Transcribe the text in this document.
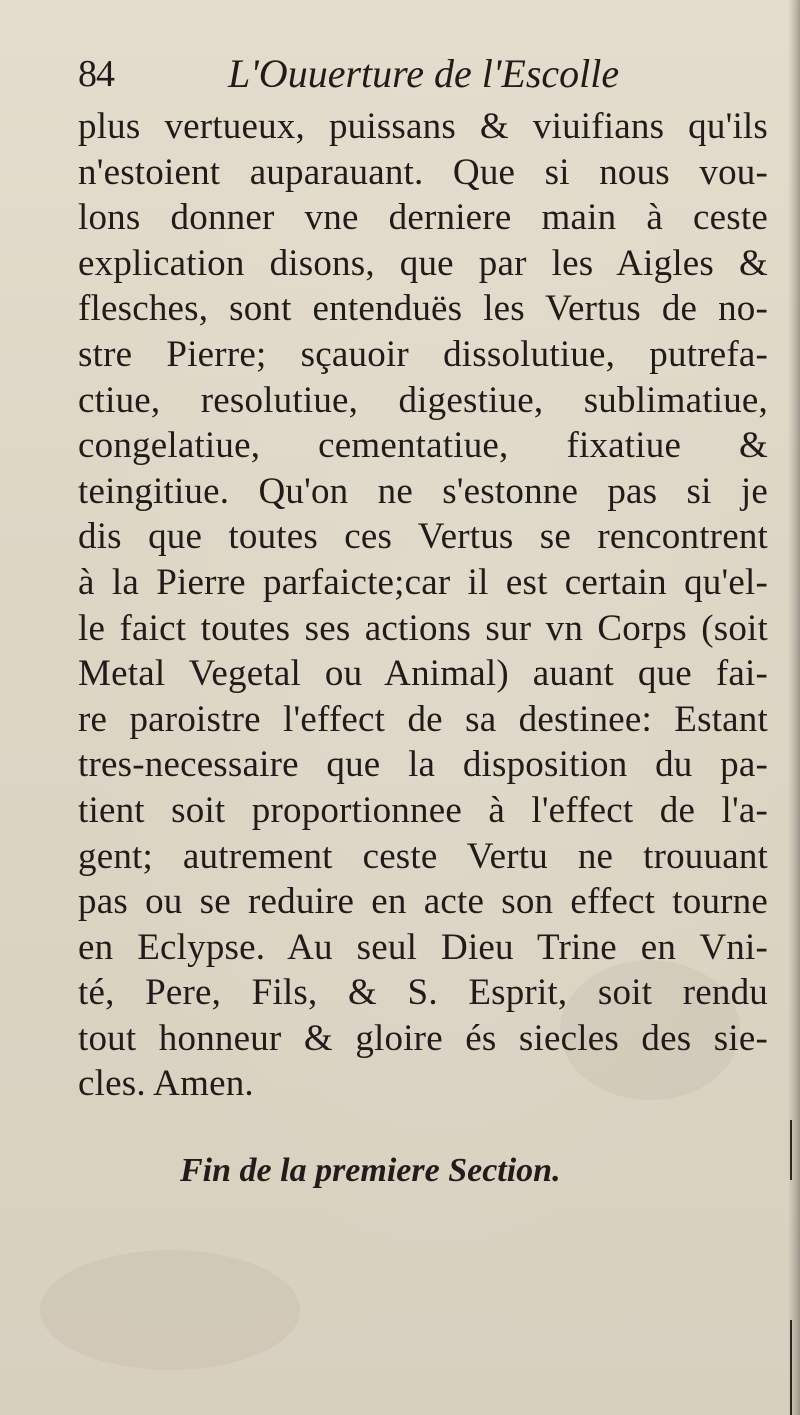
84	L'Ouuerture de l'Escolle
plus vertueux, puissans & viuifians qu'ils
n'estoient auparauant. Que si nous vou-
lons donner vne derniere main à ceste
explication disons, que par les Aigles &
flesches, sont entenduës les Vertus de no-
stre Pierre; sçauoir dissolutiue, putrefa-
ctiue, resolutiue, digestiue, sublimatiue,
congelatiue, cementatiue, fixatiue &
teingitiue. Qu'on ne s'estonne pas si je
dis que toutes ces Vertus se rencontrent
à la Pierre parfaicte;car il est certain qu'el-
le faict toutes ses actions sur vn Corps (soit
Metal Vegetal ou Animal) auant que fai-
re paroistre l'effect de sa destinee: Estant
tres-necessaire que la disposition du pa-
tient soit proportionnee à l'effect de l'a-
gent; autrement ceste Vertu ne trouuant
pas ou se reduire en acte son effect tourne
en Eclypse. Au seul Dieu Trine en Vni-
té, Pere, Fils, & S. Esprit, soit rendu
tout honneur & gloire és siecles des sie-
cles. Amen.
Fin de la premiere Section.
